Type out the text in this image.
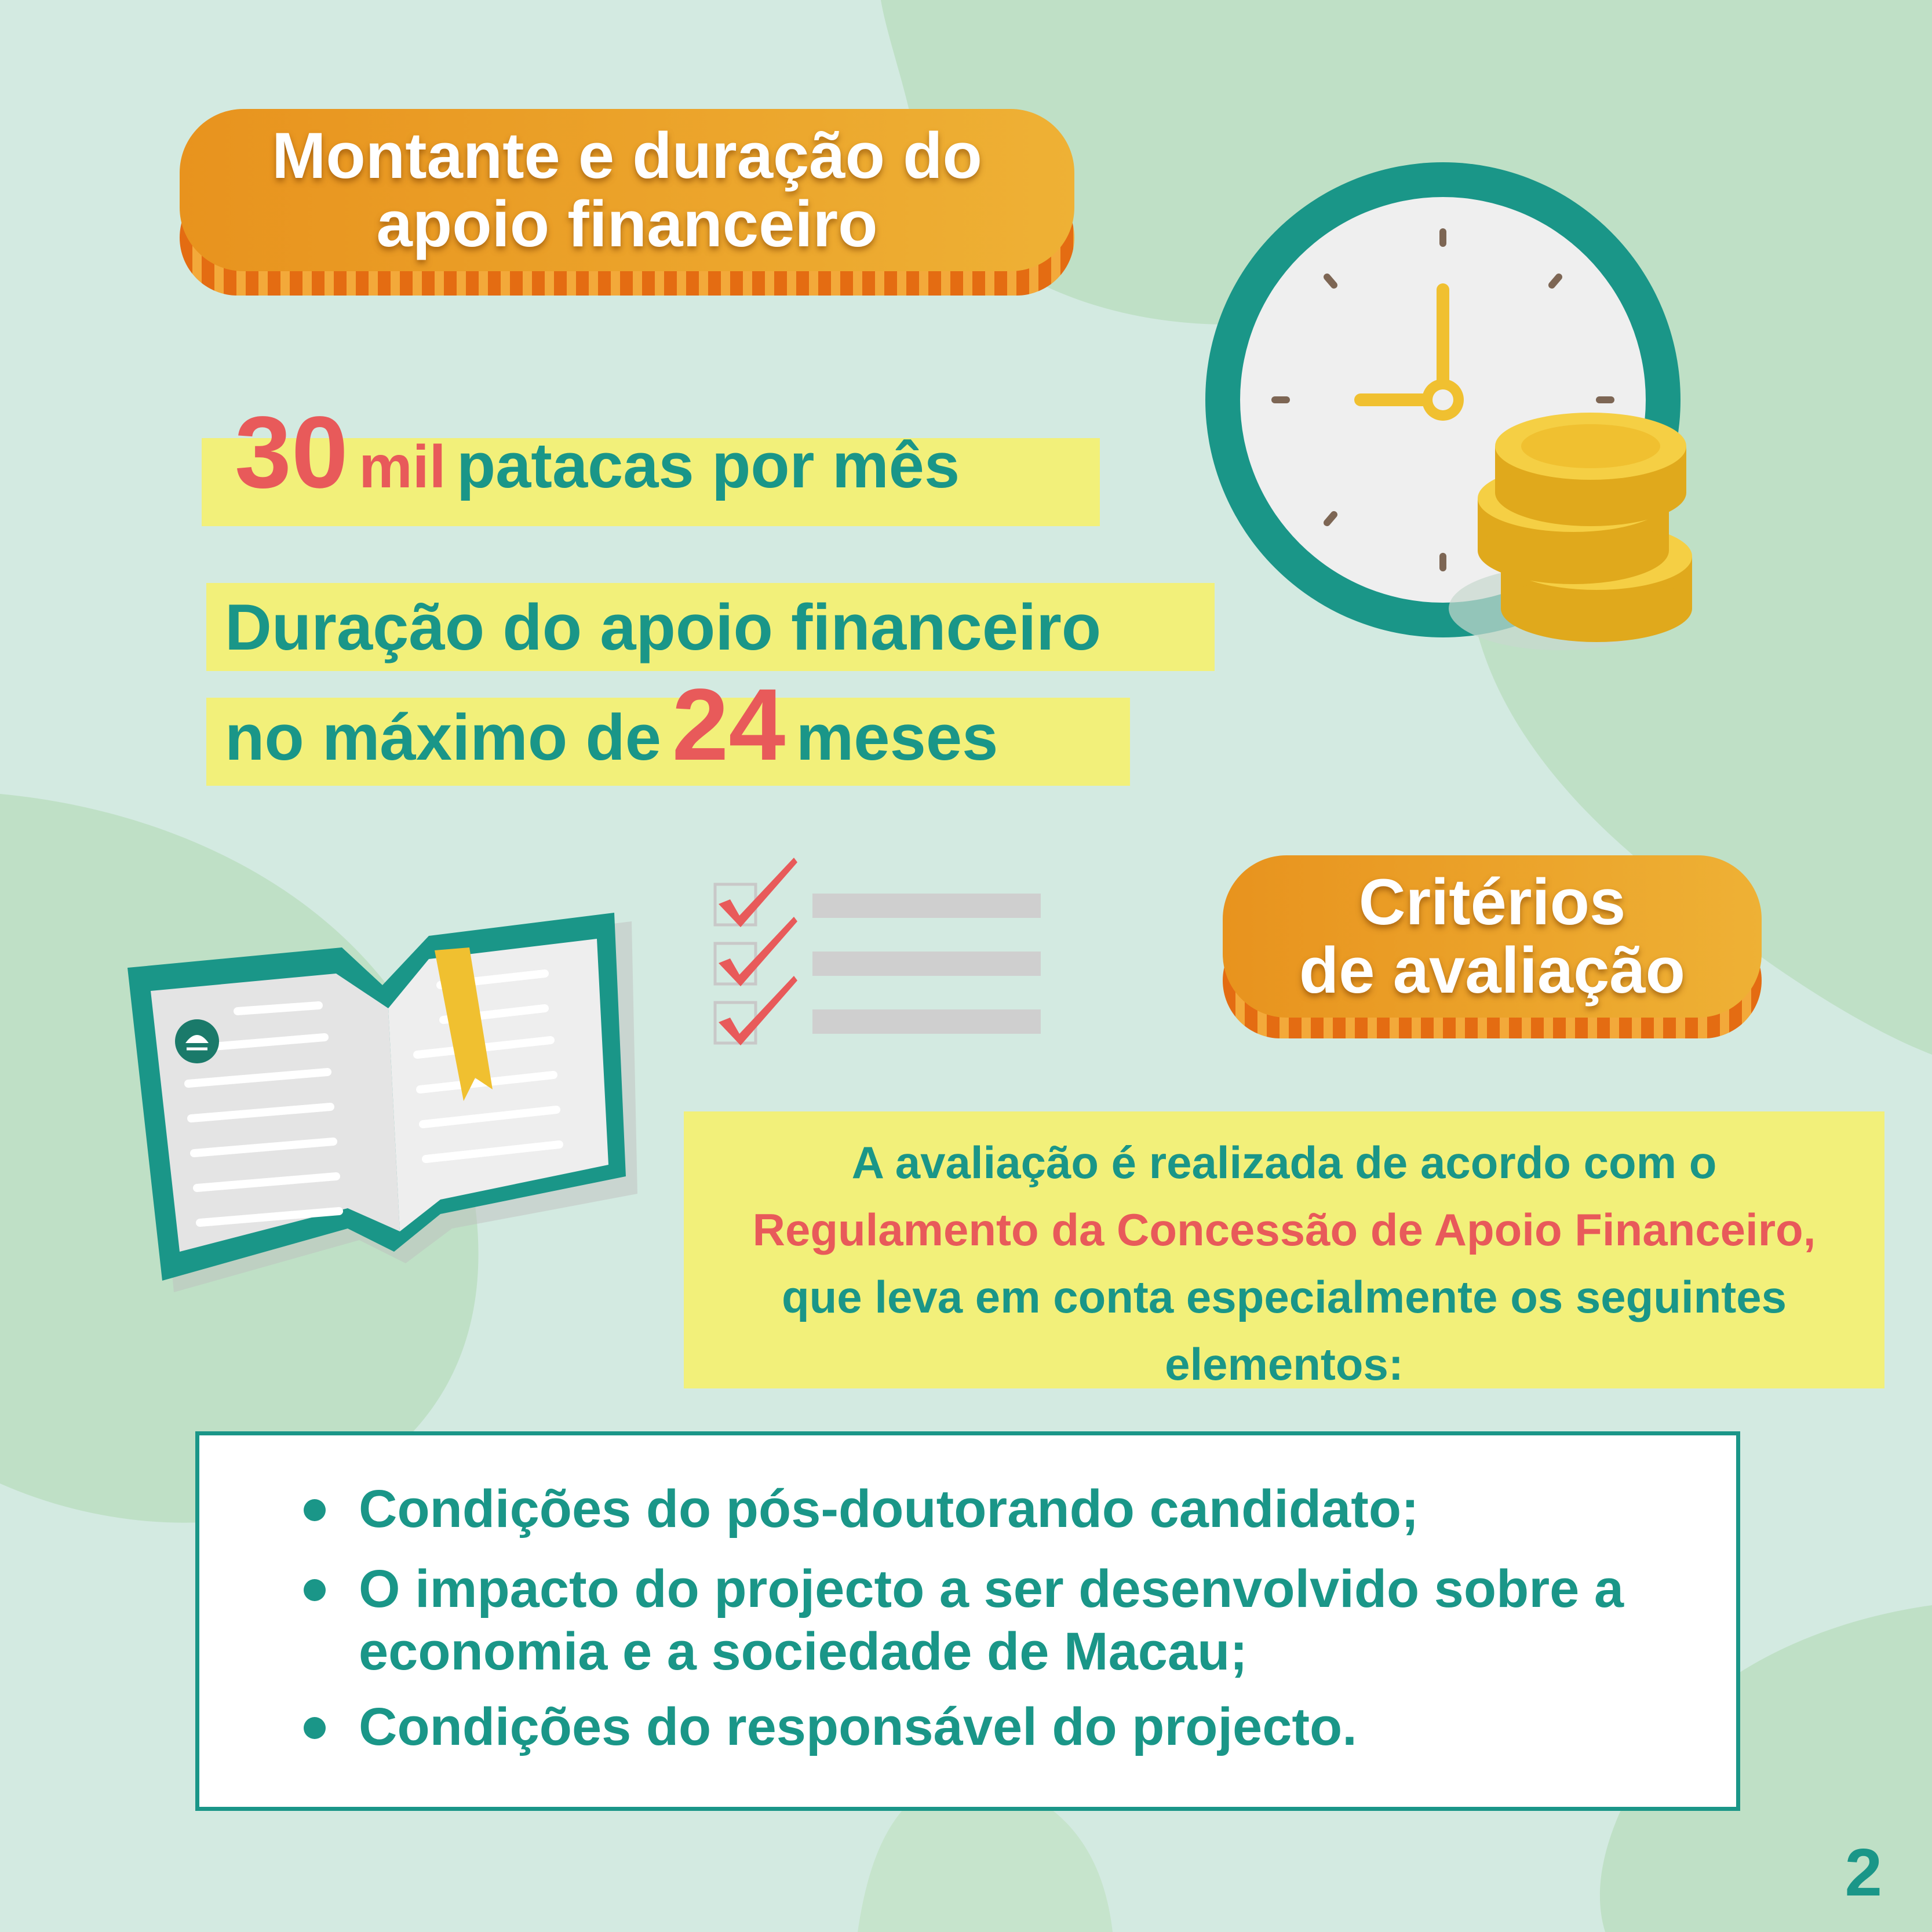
Montante e duração do
apoio financeiro
30 mil patacas por mês
Duração do apoio financeiro
no máximo de 24 meses
Critérios
de avaliação
A avaliação é realizada de acordo com o
Regulamento da Concessão de Apoio Financeiro,
que leva em conta especialmente os seguintes
elementos:
Condições do pós-doutorando candidato;
O impacto do projecto a ser desenvolvido sobre a
economia e a sociedade de Macau;
Condições do responsável do projecto.
2
